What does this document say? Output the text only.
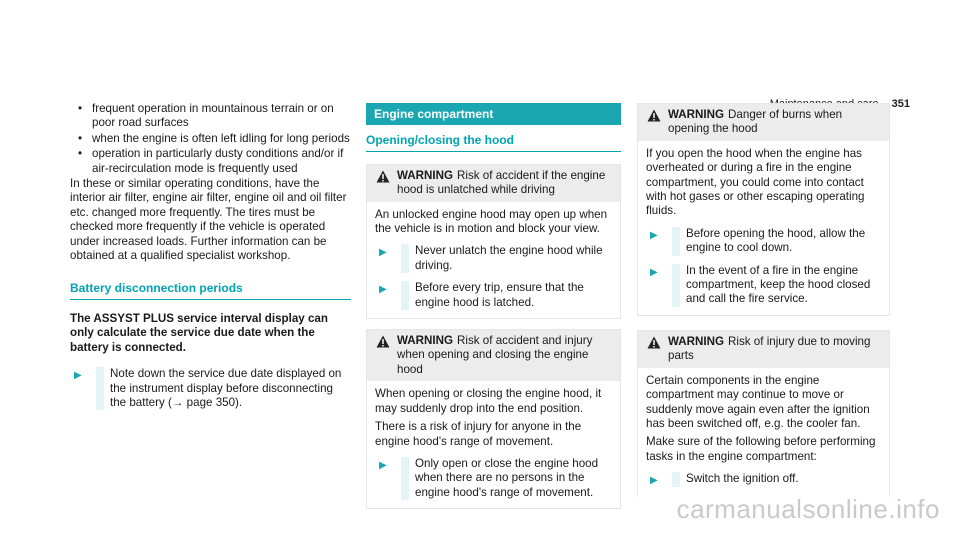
351
• frequent operation in mountainous terrain or on poor road surfaces
• when the engine is often left idling for long periods
• operation in particularly dusty conditions and/or if air-recirculation mode is frequently used
In these or similar operating conditions, have the interior air filter, engine air filter, engine oil and oil filter etc. changed more frequently. The tires must be checked more frequently if the vehicle is operated under increased loads. Further information can be obtained at a qualified specialist workshop.
Battery disconnection periods
The ASSYST PLUS service interval display can only calculate the service due date when the battery is connected.
▶	Note down the service due date displayed on the instrument display before disconnecting the battery (→ page 350).
Engine compartment
Opening/closing the hood
WARNING Risk of accident if the engine hood is unlatched while driving

An unlocked engine hood may open up when the vehicle is in motion and block your view.

▶	Never unlatch the engine hood while driving.
▶	Before every trip, ensure that the engine hood is latched.
WARNING Risk of accident and injury when opening and closing the engine hood

When opening or closing the engine hood, it may suddenly drop into the end position.

There is a risk of injury for anyone in the engine hood's range of movement.

▶	Only open or close the engine hood when there are no persons in the engine hood's range of movement.
WARNING Danger of burns when opening the hood

If you open the hood when the engine has overheated or during a fire in the engine compartment, you could come into contact with hot gases or other escaping operating fluids.

▶	Before opening the hood, allow the engine to cool down.
▶	In the event of a fire in the engine compartment, keep the hood closed and call the fire service.
WARNING Risk of injury due to moving parts

Certain components in the engine compartment may continue to move or suddenly move again even after the ignition has been switched off, e.g. the cooler fan.

Make sure of the following before performing tasks in the engine compartment:

▶	Switch the ignition off.
carmanualsonline.info
